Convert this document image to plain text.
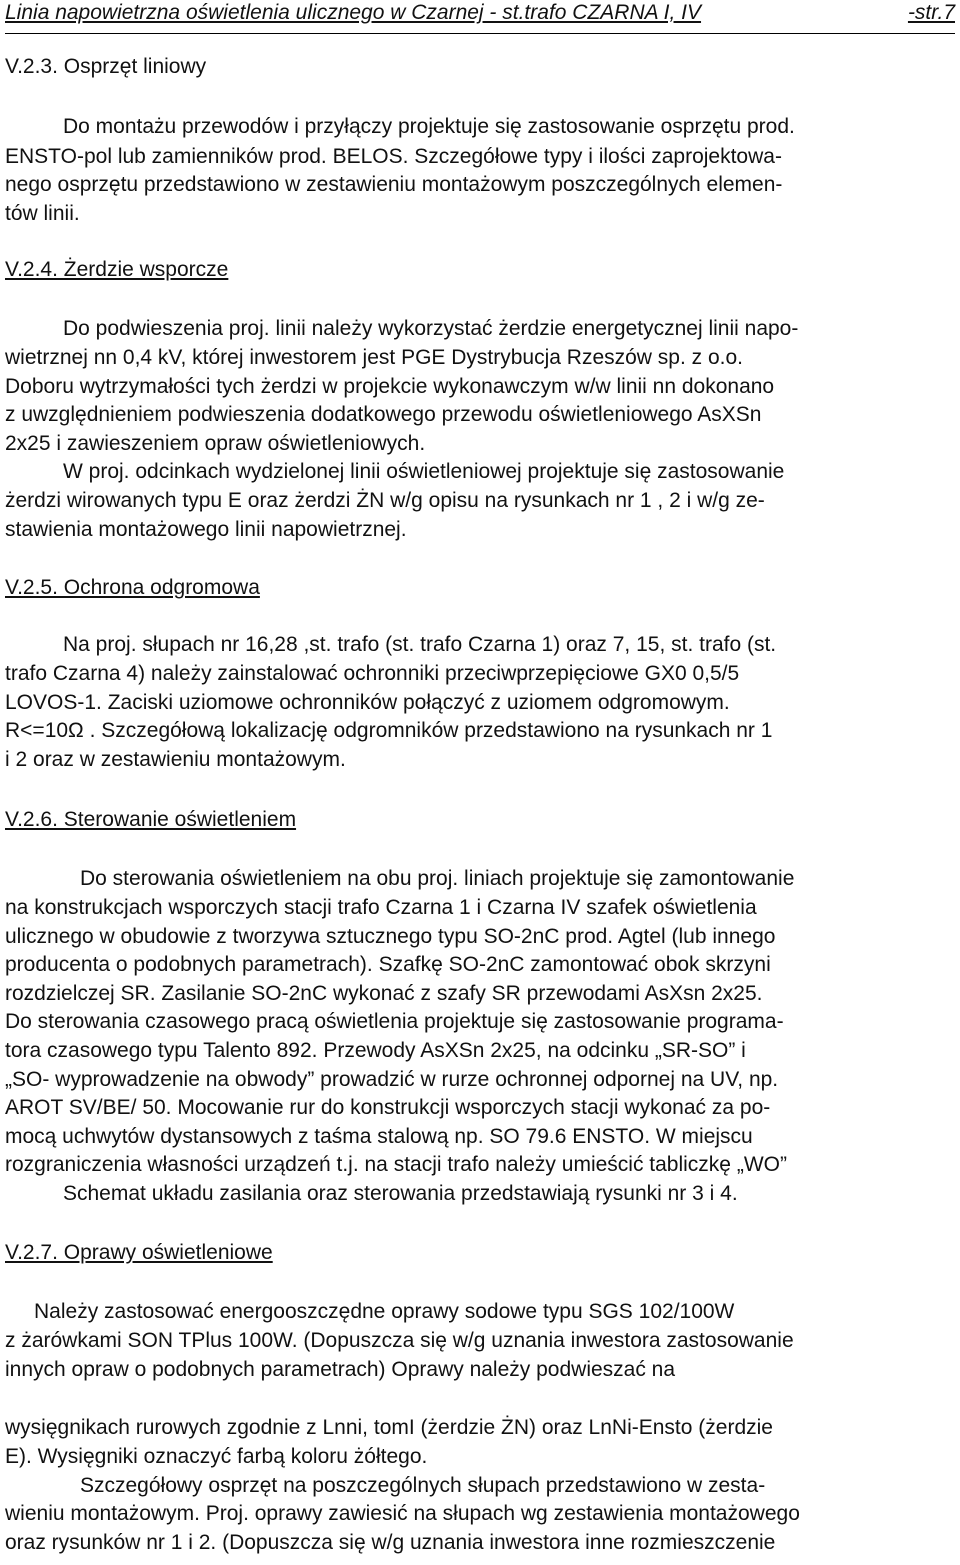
Linia napowietrzna oświetlenia ulicznego w Czarnej - st.trafo CZARNA I, IV	-str.7
V.2.3. Osprzęt liniowy
Do montażu przewodów i przyłączy projektuje się zastosowanie osprzętu prod.
ENSTO-pol lub zamienników prod. BELOS. Szczegółowe typy i ilości zaprojektowa-
nego osprzętu przedstawiono w zestawieniu montażowym poszczególnych elemen-
tów linii.
V.2.4. Żerdzie wsporcze
Do podwieszenia proj. linii należy wykorzystać żerdzie energetycznej linii napo-
wietrznej nn 0,4 kV, której inwestorem jest PGE Dystrybucja Rzeszów sp. z o.o.
Doboru wytrzymałości tych żerdzi w projekcie wykonawczym w/w linii nn dokonano
z uwzględnieniem podwieszenia dodatkowego przewodu oświetleniowego AsXSn
2x25 i zawieszeniem opraw oświetleniowych.
W proj. odcinkach wydzielonej linii oświetleniowej projektuje się zastosowanie
żerdzi wirowanych typu E oraz żerdzi ŻN w/g opisu na rysunkach nr 1 , 2 i w/g ze-
stawienia montażowego linii napowietrznej.
V.2.5. Ochrona odgromowa
Na proj. słupach nr 16,28 ,st. trafo (st. trafo Czarna 1) oraz 7, 15, st. trafo (st.
trafo Czarna 4) należy zainstalować ochronniki przeciwprzepięciowe GX0 0,5/5
LOVOS-1. Zaciski uziomowe ochronników połączyć z uziomem odgromowym.
R<=10Ω . Szczegółową lokalizację odgromników przedstawiono na rysunkach nr 1
i 2 oraz w zestawieniu montażowym.
V.2.6. Sterowanie oświetleniem
Do sterowania oświetleniem na obu proj. liniach projektuje się zamontowanie
na konstrukcjach wsporczych stacji trafo Czarna 1 i Czarna IV szafek oświetlenia
ulicznego w obudowie z tworzywa sztucznego typu SO-2nC prod. Agtel (lub innego
producenta o podobnych parametrach). Szafkę SO-2nC zamontować obok skrzyni
rozdzielczej SR. Zasilanie SO-2nC wykonać z szafy SR przewodami AsXsn 2x25.
Do sterowania czasowego pracą oświetlenia projektuje się zastosowanie programa-
tora czasowego typu Talento 892. Przewody AsXSn 2x25, na odcinku „SR-SO” i
„SO- wyprowadzenie na obwody” prowadzić w rurze ochronnej odpornej na UV, np.
AROT SV/BE/ 50. Mocowanie rur do konstrukcji wsporczych stacji wykonać za po-
mocą uchwytów dystansowych z taśma stalową np. SO 79.6 ENSTO. W miejscu
rozgraniczenia własności urządzeń t.j. na stacji trafo należy umieścić tabliczkę „WO”
Schemat układu zasilania oraz sterowania przedstawiają rysunki nr 3 i 4.
V.2.7. Oprawy oświetleniowe
Należy zastosować energooszczędne oprawy sodowe typu SGS 102/100W
z żarówkami SON TPlus 100W. (Dopuszcza się w/g uznania inwestora zastosowanie
innych opraw o podobnych parametrach) Oprawy należy podwieszać na
wysięgnikach rurowych zgodnie z Lnni, tomI (żerdzie ŻN) oraz LnNi-Ensto (żerdzie
E). Wysięgniki oznaczyć farbą koloru żółtego.
Szczegółowy osprzęt na poszczególnych słupach przedstawiono w zesta-
wieniu montażowym. Proj. oprawy zawiesić na słupach wg zestawienia montażowego
oraz rysunków nr 1 i 2. (Dopuszcza się w/g uznania inwestora inne rozmieszczenie
